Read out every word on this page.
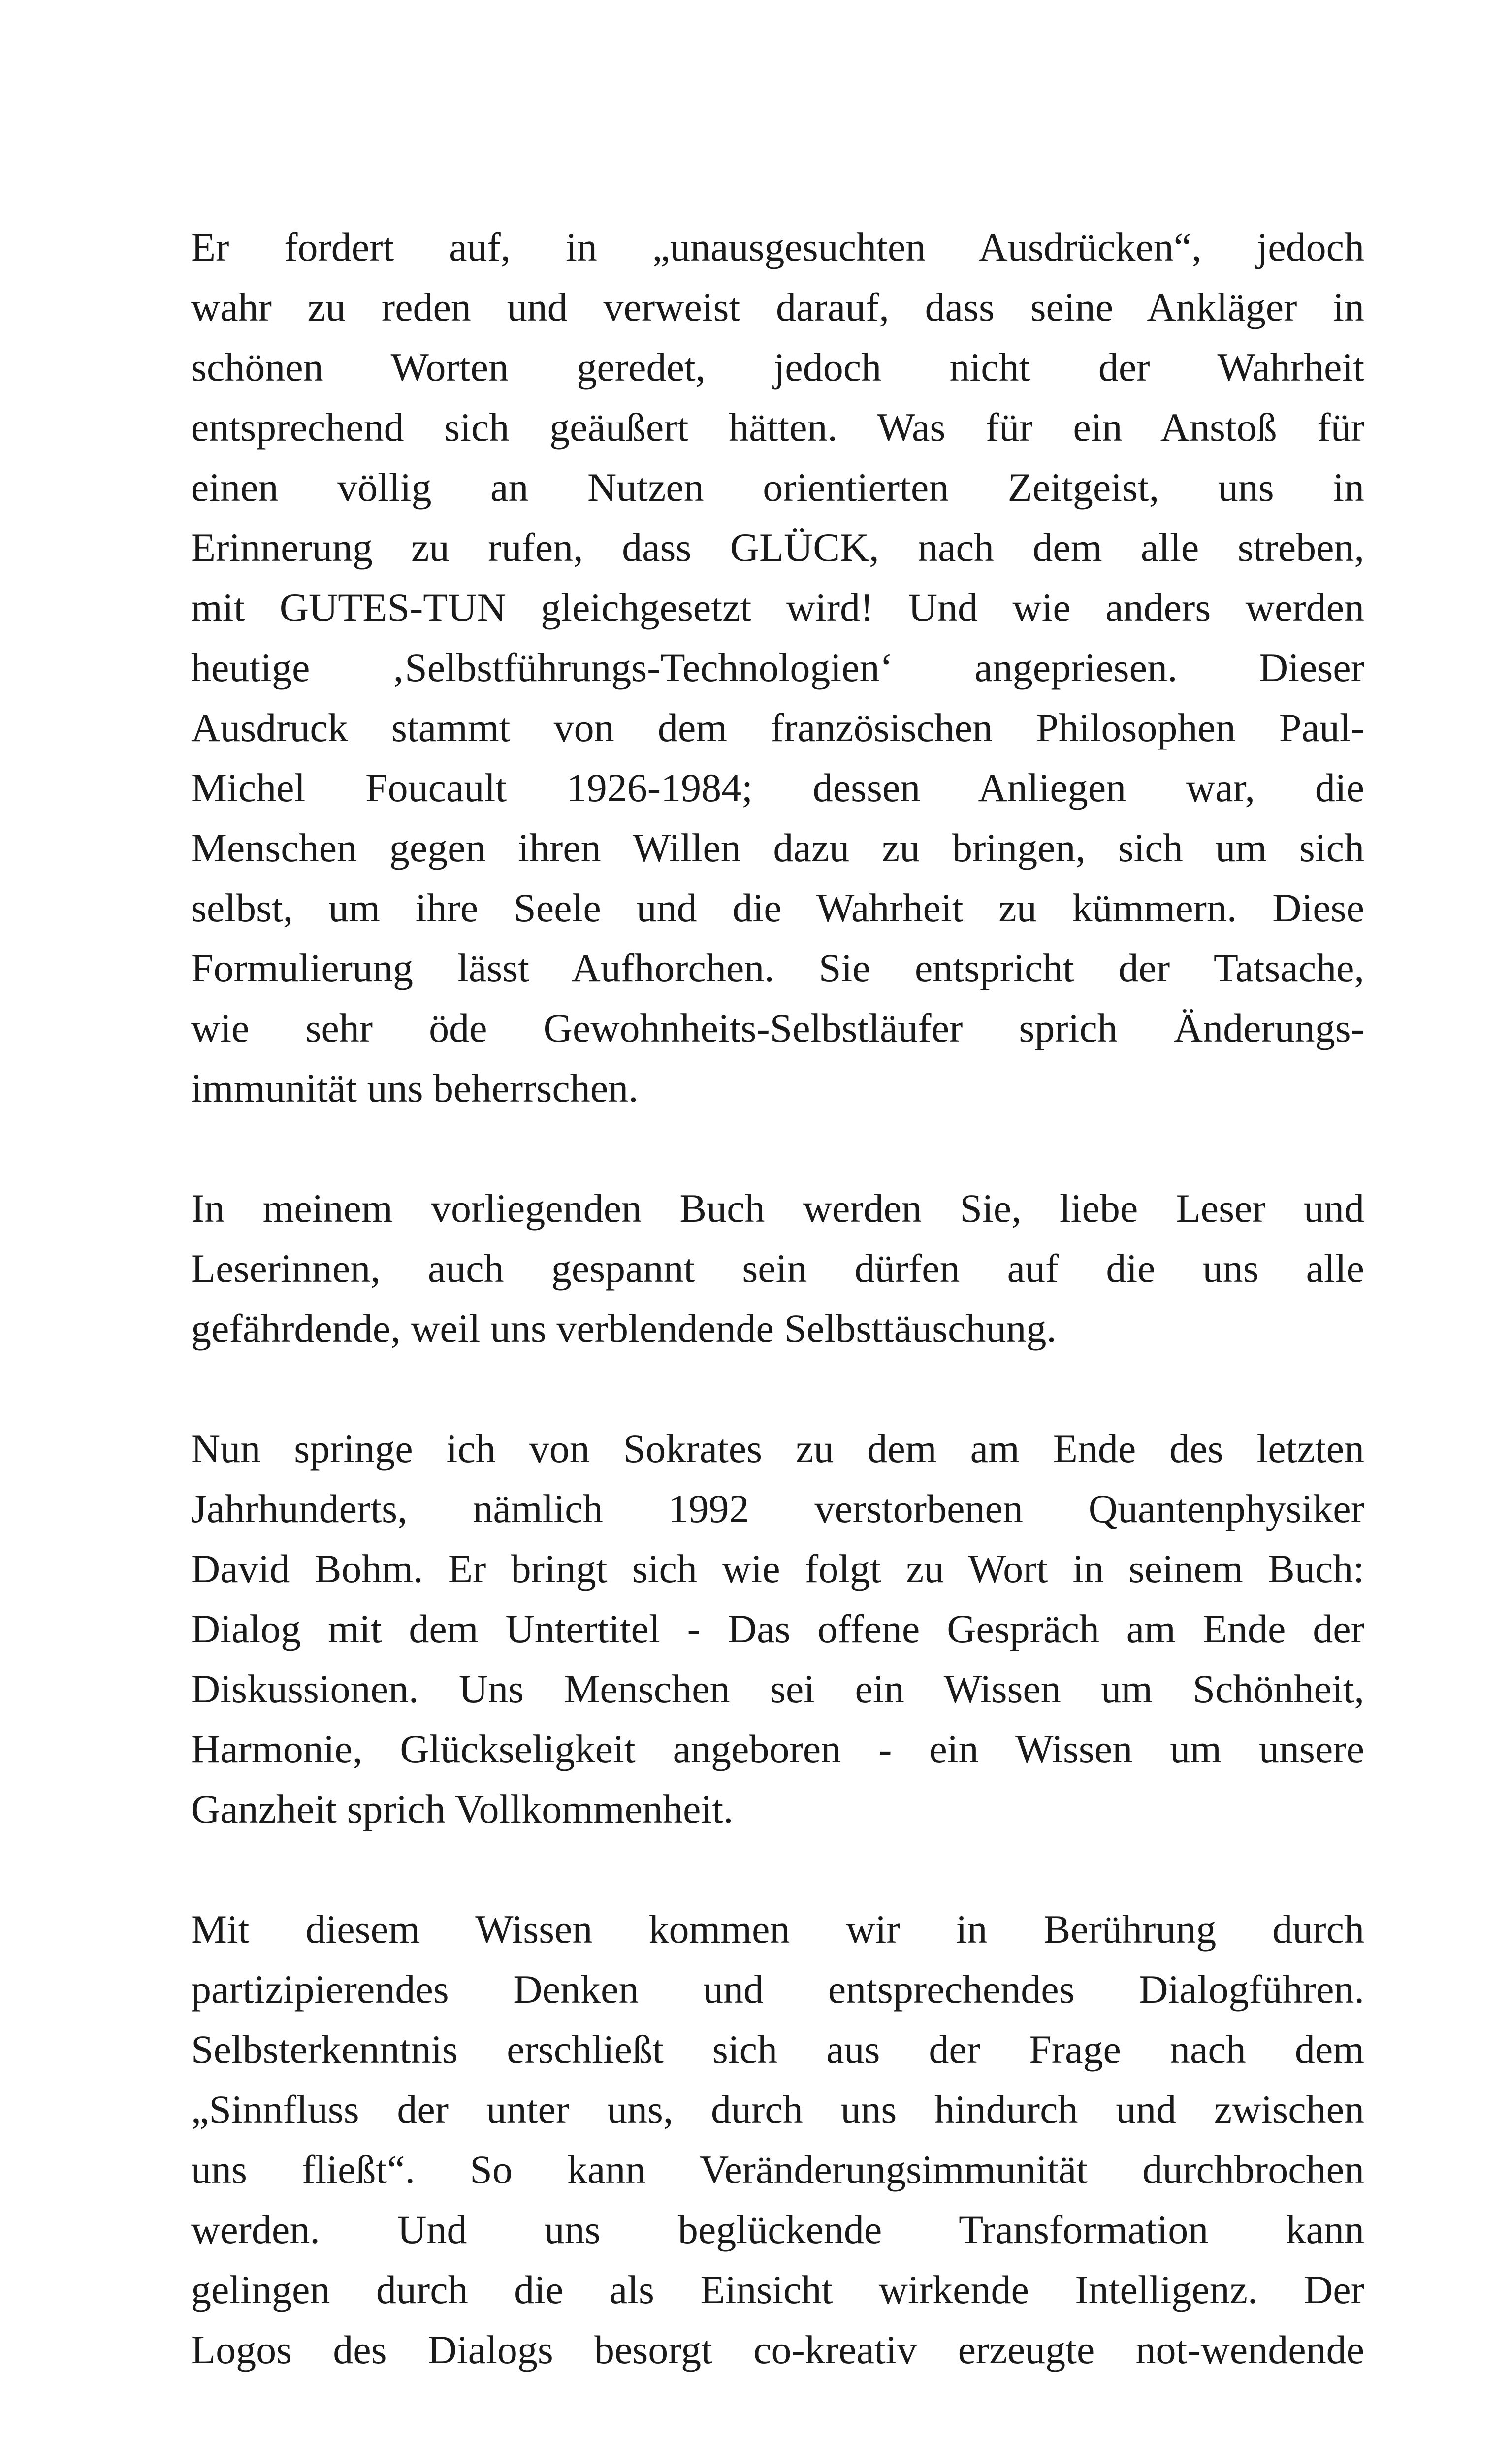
Er fordert auf, in „unausgesuchten Ausdrücken“, jedoch
wahr zu reden und verweist darauf, dass seine Ankläger in
schönen Worten geredet, jedoch nicht der Wahrheit
entsprechend sich geäußert hätten. Was für ein Anstoß für
einen völlig an Nutzen orientierten Zeitgeist, uns in
Erinnerung zu rufen, dass GLÜCK, nach dem alle streben,
mit GUTES-TUN gleichgesetzt wird! Und wie anders werden
heutige ‚Selbstführungs-Technologien‘ angepriesen. Dieser
Ausdruck stammt von dem französischen Philosophen Paul-
Michel Foucault 1926-1984; dessen Anliegen war, die
Menschen gegen ihren Willen dazu zu bringen, sich um sich
selbst, um ihre Seele und die Wahrheit zu kümmern. Diese
Formulierung lässt Aufhorchen. Sie entspricht der Tatsache,
wie sehr öde Gewohnheits-Selbstläufer sprich Änderungs-
immunität uns beherrschen.
In meinem vorliegenden Buch werden Sie, liebe Leser und
Leserinnen, auch gespannt sein dürfen auf die uns alle
gefährdende, weil uns verblendende Selbsttäuschung.
Nun springe ich von Sokrates zu dem am Ende des letzten
Jahrhunderts, nämlich 1992 verstorbenen Quantenphysiker
David Bohm. Er bringt sich wie folgt zu Wort in seinem Buch:
Dialog mit dem Untertitel - Das offene Gespräch am Ende der
Diskussionen. Uns Menschen sei ein Wissen um Schönheit,
Harmonie, Glückseligkeit angeboren - ein Wissen um unsere
Ganzheit sprich Vollkommenheit.
Mit diesem Wissen kommen wir in Berührung durch
partizipierendes Denken und entsprechendes Dialogführen.
Selbsterkenntnis erschließt sich aus der Frage nach dem
„Sinnfluss der unter uns, durch uns hindurch und zwischen
uns fließt“. So kann Veränderungsimmunität durchbrochen
werden. Und uns beglückende Transformation kann
gelingen durch die als Einsicht wirkende Intelligenz. Der
Logos des Dialogs besorgt co-kreativ erzeugte not-wendende
